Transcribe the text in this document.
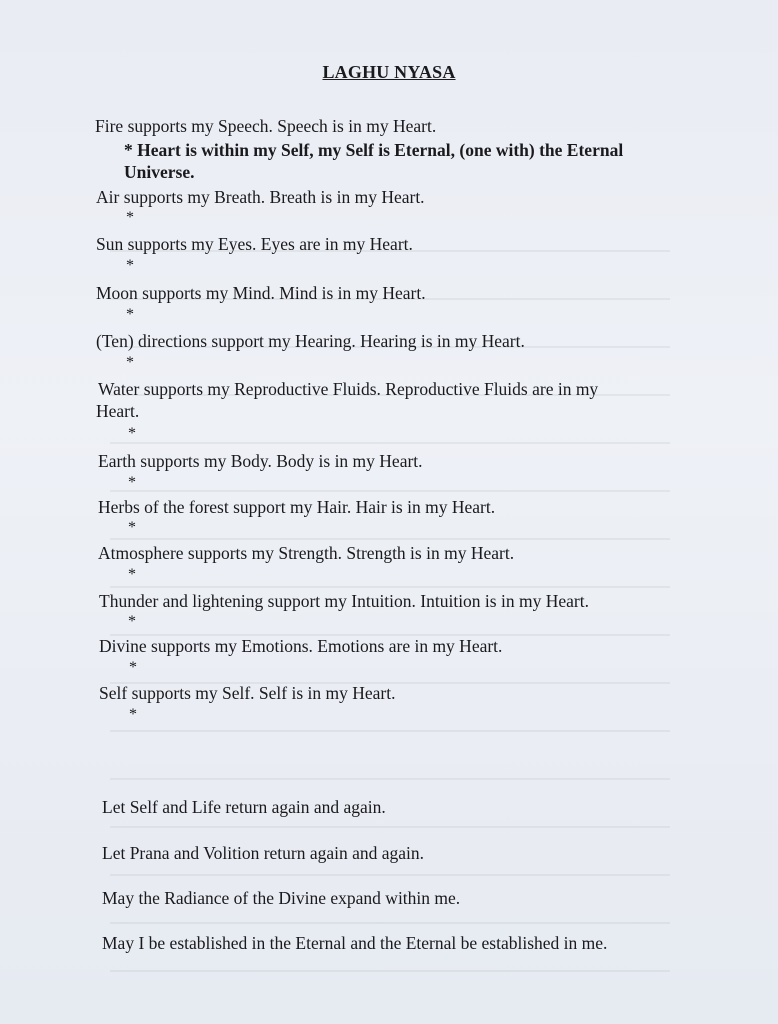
LAGHU NYASA
Fire supports my Speech. Speech is in my Heart.
* Heart is within my Self, my Self is Eternal, (one with) the Eternal
Universe.
Air supports my Breath. Breath is in my Heart.
*
Sun supports my Eyes. Eyes are in my Heart.
*
Moon supports my Mind. Mind is in my Heart.
*
(Ten) directions support my Hearing. Hearing is in my Heart.
*
Water supports my Reproductive Fluids. Reproductive Fluids are in my
Heart.
*
Earth supports my Body. Body is in my Heart.
*
Herbs of the forest support my Hair. Hair is in my Heart.
*
Atmosphere supports my Strength. Strength is in my Heart.
*
Thunder and lightening support my Intuition. Intuition is in my Heart.
*
Divine supports my Emotions. Emotions are in my Heart.
*
Self supports my Self. Self is in my Heart.
*
Let Self and Life return again and again.
Let Prana and Volition return again and again.
May the Radiance of the Divine expand within me.
May I be established in the Eternal and the Eternal be established in me.
